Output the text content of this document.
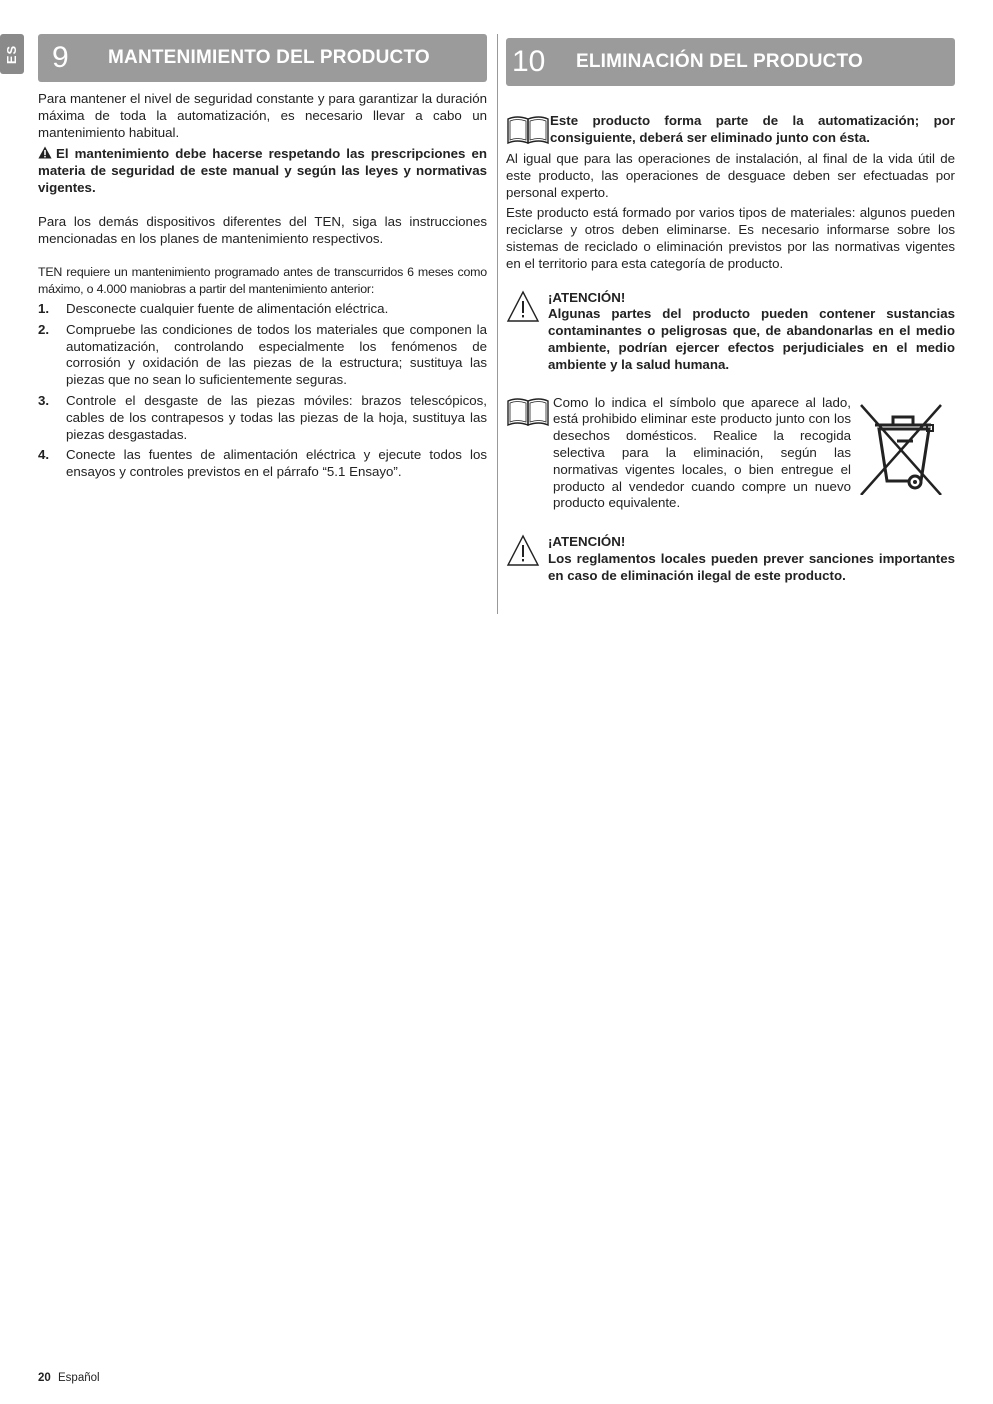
ES	9	MANTENIMIENTO DEL PRODUCTO

Para mantener el nivel de seguridad constante y para garantizar la duración máxima de toda la automatización, es necesario llevar a cabo un mantenimiento habitual.

El mantenimiento debe hacerse respetando las prescripciones en materia de seguridad de este manual y según las leyes y normativas vigentes.

Para los demás dispositivos diferentes del TEN, siga las instrucciones mencionadas en los planes de mantenimiento respectivos.

TEN requiere un mantenimiento programado antes de transcurridos 6 meses como máximo, o 4.000 maniobras a partir del mantenimiento anterior:

1.	Desconecte cualquier fuente de alimentación eléctrica.
2.	Compruebe las condiciones de todos los materiales que componen la automatización, controlando especialmente los fenómenos de corrosión y oxidación de las piezas de la estructura; sustituya las piezas que no sean lo suficientemente seguras.
3.	Controle el desgaste de las piezas móviles: brazos telescópicos, cables de los contrapesos y todas las piezas de la hoja, sustituya las piezas desgastadas.
4.	Conecte las fuentes de alimentación eléctrica y ejecute todos los ensayos y controles previstos en el párrafo “5.1 Ensayo”.
10	ELIMINACIÓN DEL PRODUCTO

Este producto forma parte de la automatización; por consiguiente, deberá ser eliminado junto con ésta.

Al igual que para las operaciones de instalación, al final de la vida útil de este producto, las operaciones de desguace deben ser efectuadas por personal experto.

Este producto está formado por varios tipos de materiales: algunos pueden reciclarse y otros deben eliminarse. Es necesario informarse sobre los sistemas de reciclado o eliminación previstos por las normativas vigentes en el territorio para esta categoría de producto.

¡ATENCIÓN!

Algunas partes del producto pueden contener sustancias contaminantes o peligrosas que, de abandonarlas en el medio ambiente, podrían ejercer efectos perjudiciales en el medio ambiente y la salud humana.

Como lo indica el símbolo que aparece al lado, está prohibido eliminar este producto junto con los desechos domésticos. Realice la recogida selectiva para la eliminación, según las normativas vigentes locales, o bien entregue el producto al vendedor cuando compre un nuevo producto equivalente.

¡ATENCIÓN!

Los reglamentos locales pueden prever sanciones importantes en caso de eliminación ilegal de este producto.

20 Español
